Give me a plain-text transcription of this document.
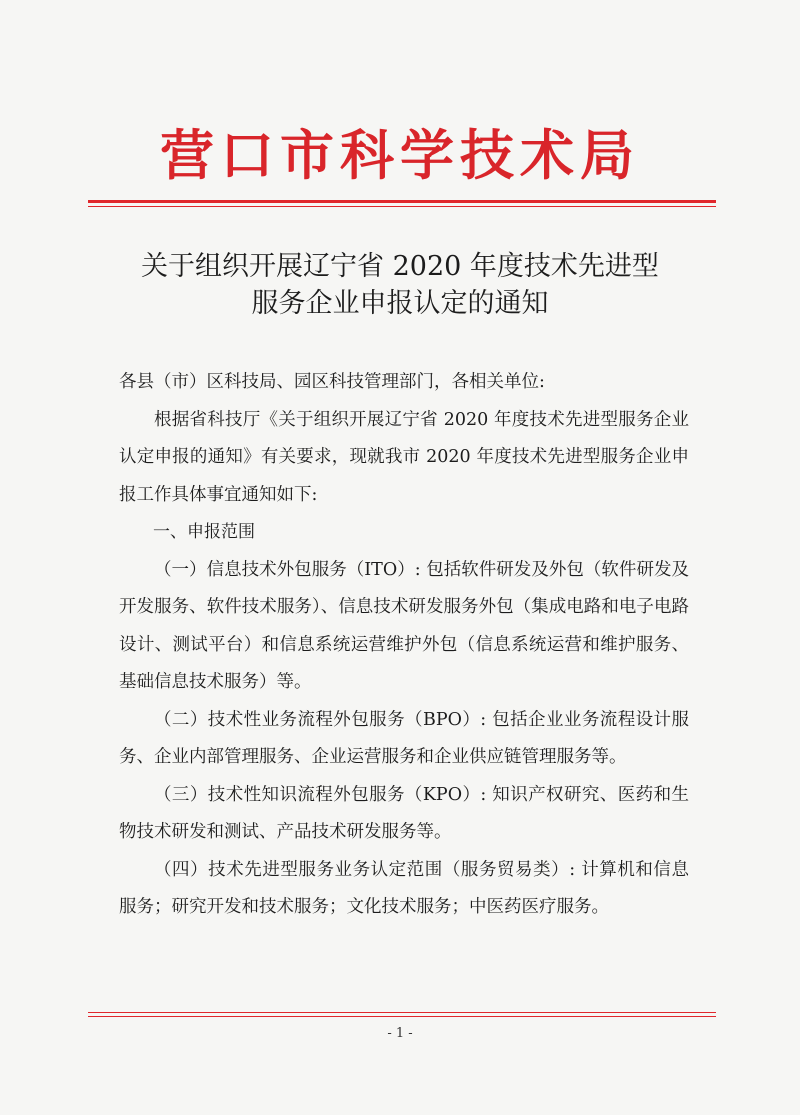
营口市科学技术局
关于组织开展辽宁省 2020 年度技术先进型
服务企业申报认定的通知

各县（市）区科技局、园区科技管理部门，各相关单位:

根据省科技厅《关于组织开展辽宁省 2020 年度技术先进型服务企业认定申报的通知》有关要求，现就我市 2020 年度技术先进型服务企业申报工作具体事宜通知如下:

一、申报范围

（一）信息技术外包服务（ITO）: 包括软件研发及外包（软件研发及开发服务、软件技术服务）、信息技术研发服务外包（集成电路和电子电路设计、测试平台）和信息系统运营维护外包（信息系统运营和维护服务、基础信息技术服务）等。

（二）技术性业务流程外包服务（BPO）: 包括企业业务流程设计服务、企业内部管理服务、企业运营服务和企业供应链管理服务等。

（三）技术性知识流程外包服务（KPO）: 知识产权研究、医药和生物技术研发和测试、产品技术研发服务等。

（四）技术先进型服务业务认定范围（服务贸易类）: 计算机和信息服务；研究开发和技术服务；文化技术服务；中医药医疗服务。

- 1 -
